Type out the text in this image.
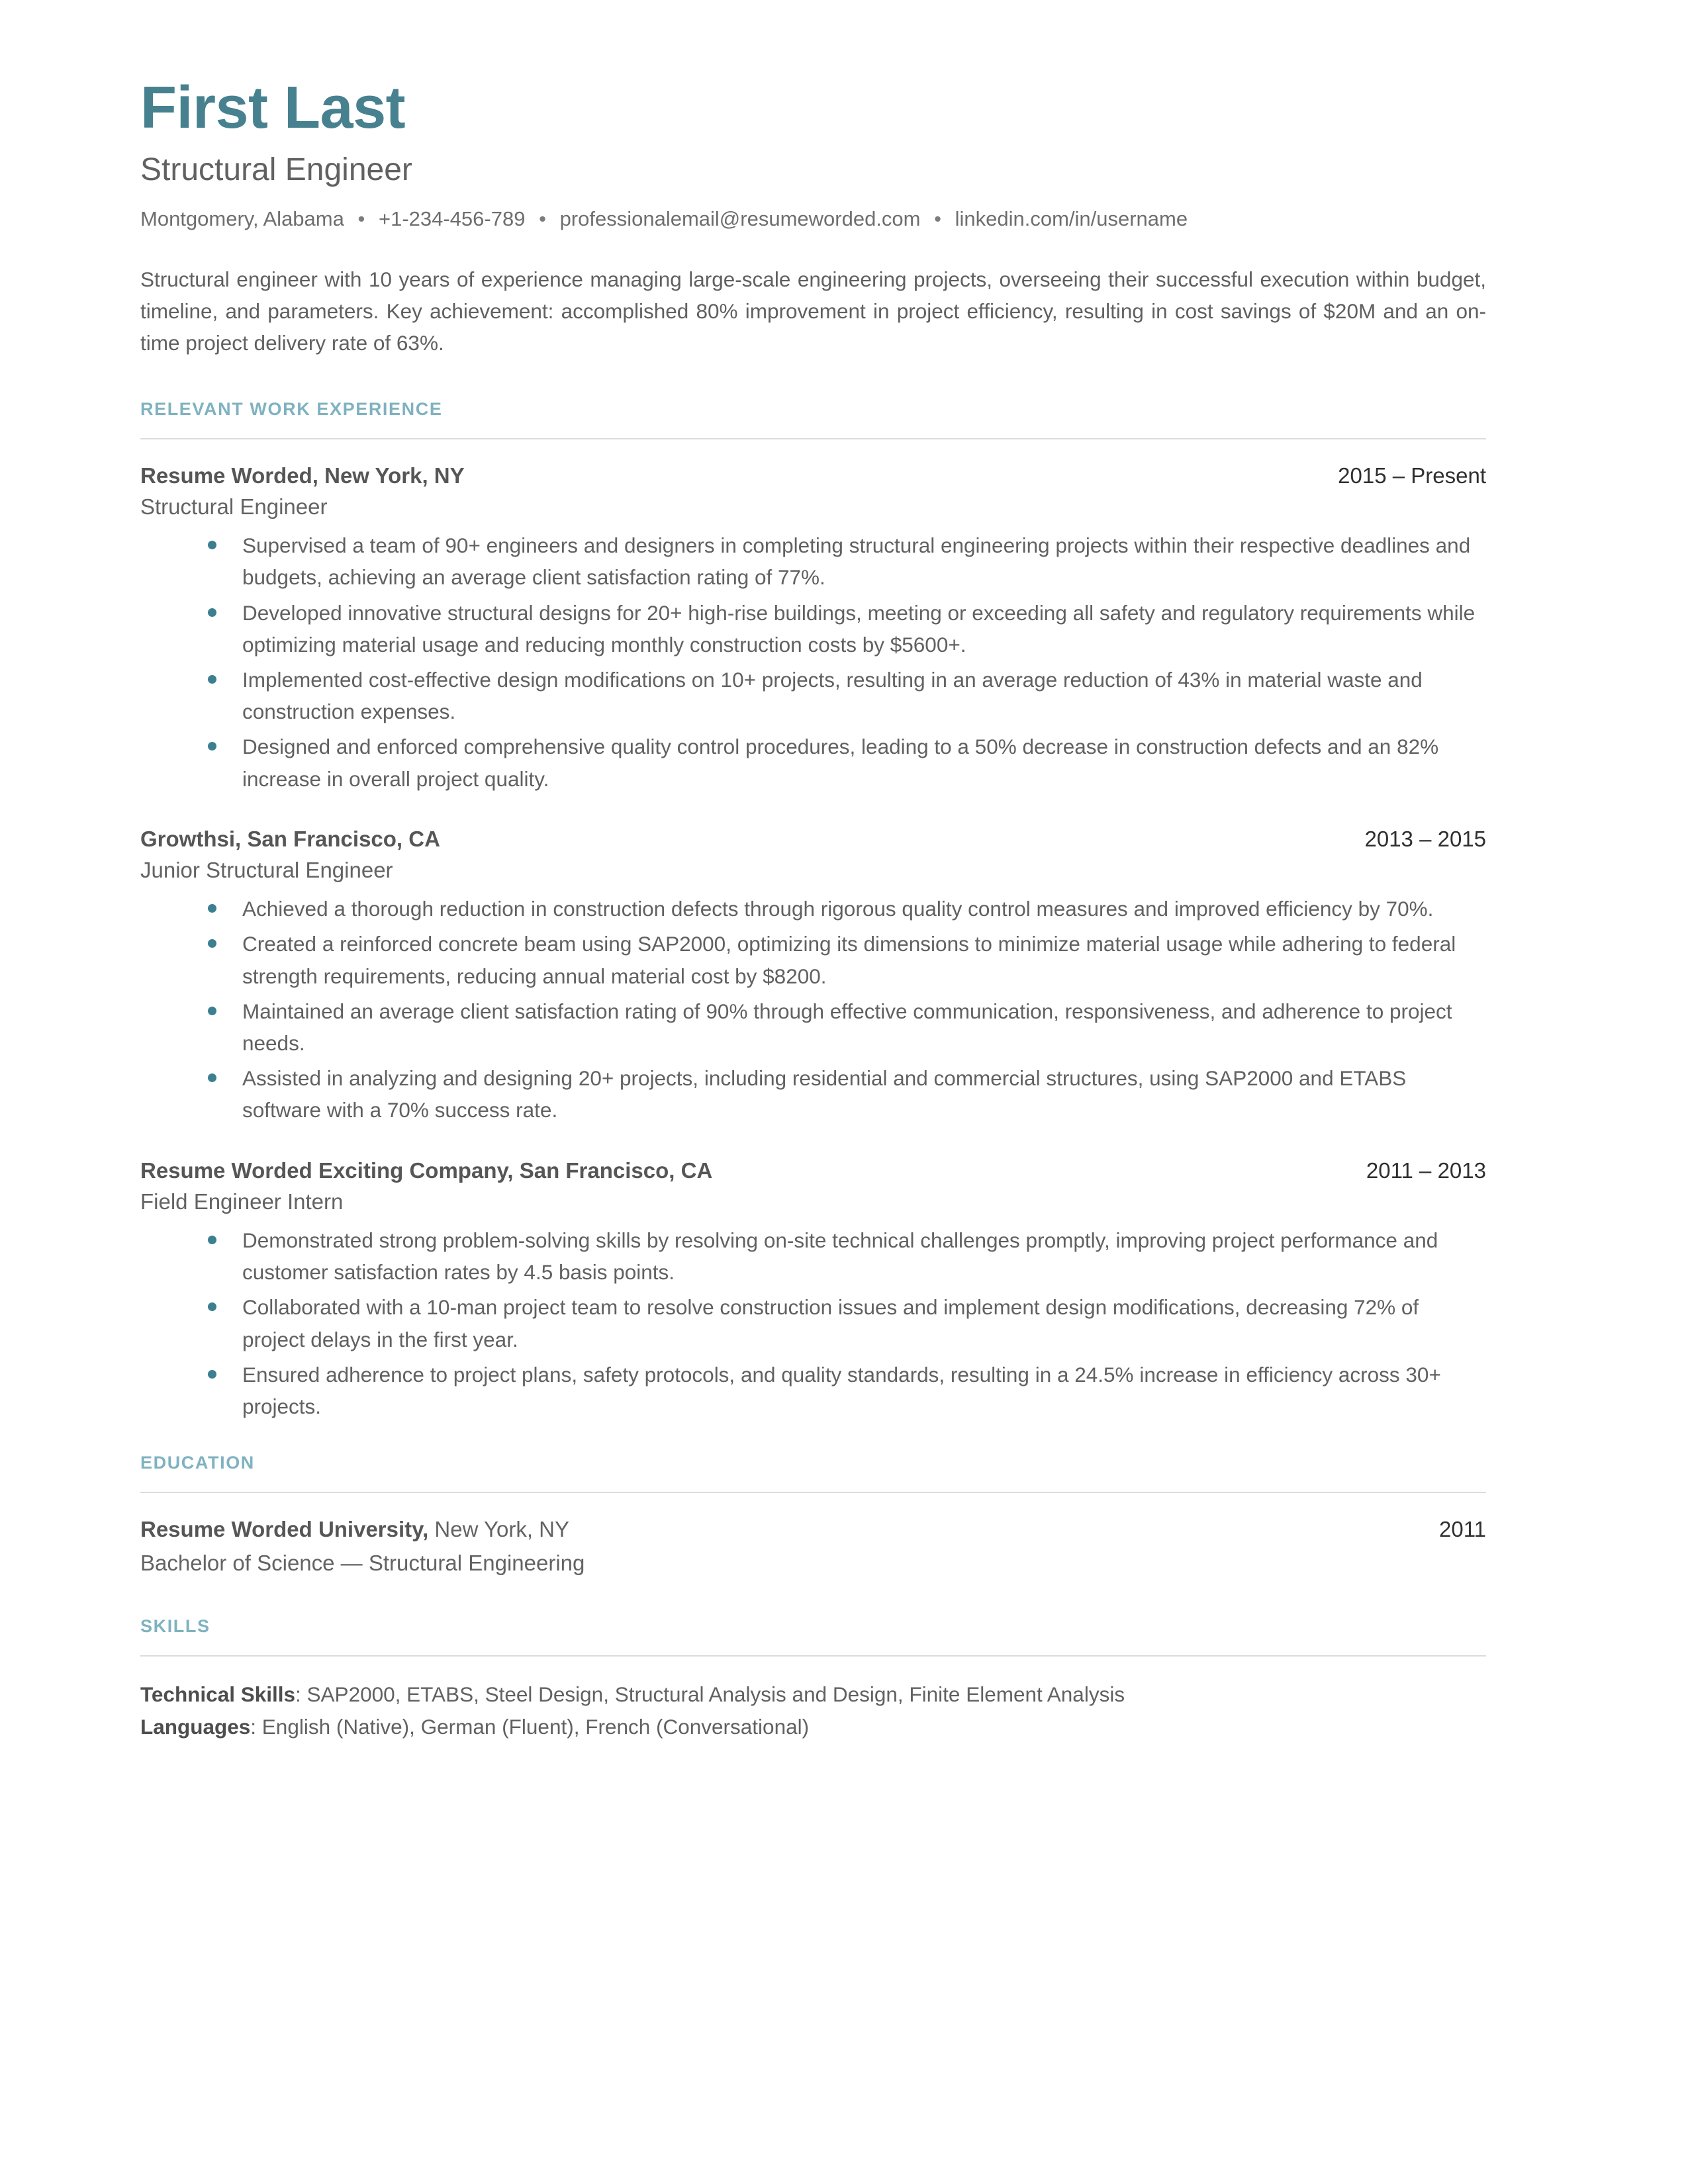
First Last
Structural Engineer
Montgomery, Alabama • +1-234-456-789 • professionalemail@resumeworded.com • linkedin.com/in/username

Structural engineer with 10 years of experience managing large-scale engineering projects, overseeing their successful execution within budget, timeline, and parameters. Key achievement: accomplished 80% improvement in project efficiency, resulting in cost savings of $20M and an on-time project delivery rate of 63%.

RELEVANT WORK EXPERIENCE
Resume Worded, New York, NY	2015 – Present
Structural Engineer
Supervised a team of 90+ engineers and designers in completing structural engineering projects within their respective deadlines and budgets, achieving an average client satisfaction rating of 77%.
Developed innovative structural designs for 20+ high-rise buildings, meeting or exceeding all safety and regulatory requirements while optimizing material usage and reducing monthly construction costs by $5600+.
Implemented cost-effective design modifications on 10+ projects, resulting in an average reduction of 43% in material waste and construction expenses.
Designed and enforced comprehensive quality control procedures, leading to a 50% decrease in construction defects and an 82% increase in overall project quality.
Growthsi, San Francisco, CA	2013 – 2015
Junior Structural Engineer
Achieved a thorough reduction in construction defects through rigorous quality control measures and improved efficiency by 70%.
Created a reinforced concrete beam using SAP2000, optimizing its dimensions to minimize material usage while adhering to federal strength requirements, reducing annual material cost by $8200.
Maintained an average client satisfaction rating of 90% through effective communication, responsiveness, and adherence to project needs.
Assisted in analyzing and designing 20+ projects, including residential and commercial structures, using SAP2000 and ETABS software with a 70% success rate.
Resume Worded Exciting Company, San Francisco, CA	2011 – 2013
Field Engineer Intern
Demonstrated strong problem-solving skills by resolving on-site technical challenges promptly, improving project performance and customer satisfaction rates by 4.5 basis points.
Collaborated with a 10-man project team to resolve construction issues and implement design modifications, decreasing 72% of project delays in the first year.
Ensured adherence to project plans, safety protocols, and quality standards, resulting in a 24.5% increase in efficiency across 30+ projects.
EDUCATION
Resume Worded University, New York, NY	2011
Bachelor of Science — Structural Engineering
SKILLS
Technical Skills: SAP2000, ETABS, Steel Design, Structural Analysis and Design, Finite Element Analysis
Languages: English (Native), German (Fluent), French (Conversational)
